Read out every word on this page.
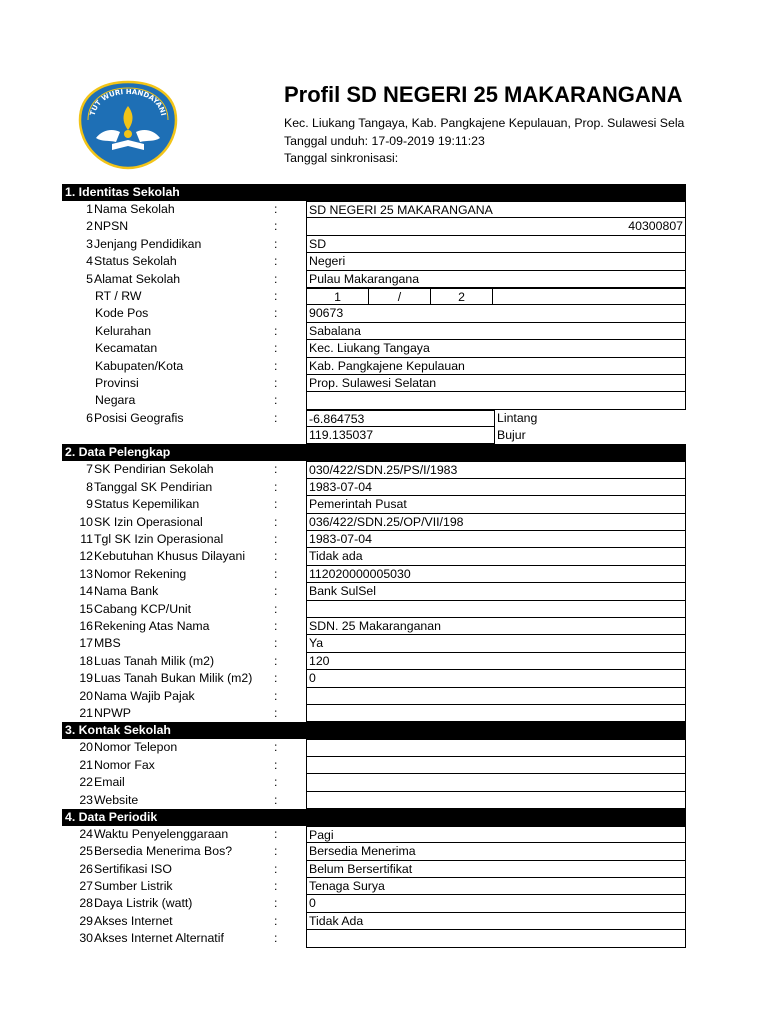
TUT WURI HANDAYANI
Profil SD NEGERI 25 MAKARANGANA
Kec. Liukang Tangaya, Kab. Pangkajene Kepulauan, Prop. Sulawesi Sela
Tanggal unduh: 17-09-2019 19:11:23
Tanggal sinkronisasi:
1. Identitas Sekolah
1 Nama Sekolah	:	SD NEGERI 25 MAKARANGANA
2 NPSN	:	40300807
3 Jenjang Pendidikan	:	SD
4 Status Sekolah	:	Negeri
5 Alamat Sekolah	:	Pulau Makarangana
RT / RW	:	1	/	2
Kode Pos	:	90673
Kelurahan	:	Sabalana
Kecamatan	:	Kec. Liukang Tangaya
Kabupaten/Kota	:	Kab. Pangkajene Kepulauan
Provinsi	:	Prop. Sulawesi Selatan
Negara	:
6 Posisi Geografis	:	-6.864753	Lintang
119.135037	Bujur
2. Data Pelengkap
7 SK Pendirian Sekolah	:	030/422/SDN.25/PS/I/1983
8 Tanggal SK Pendirian	:	1983-07-04
9 Status Kepemilikan	:	Pemerintah Pusat
10 SK Izin Operasional	:	036/422/SDN.25/OP/VII/198
11 Tgl SK Izin Operasional	:	1983-07-04
12 Kebutuhan Khusus Dilayani :	Tidak ada
13 Nomor Rekening	:	112020000005030
14 Nama Bank	:	Bank SulSel
15 Cabang KCP/Unit	:
16 Rekening Atas Nama	:	SDN. 25 Makaranganan
17 MBS	:	Ya
18 Luas Tanah Milik (m2)	:	120
19 Luas Tanah Bukan Milik (m2) :	0
20 Nama Wajib Pajak	:
21 NPWP	:
3. Kontak Sekolah
20 Nomor Telepon	:
21 Nomor Fax	:
22 Email	:
23 Website	:
4. Data Periodik
24 Waktu Penyelenggaraan	:	Pagi
25 Bersedia Menerima Bos?	:	Bersedia Menerima
26 Sertifikasi ISO	:	Belum Bersertifikat
27 Sumber Listrik	:	Tenaga Surya
28 Daya Listrik (watt)	:	0
29 Akses Internet	:	Tidak Ada
30 Akses Internet Alternatif	:
